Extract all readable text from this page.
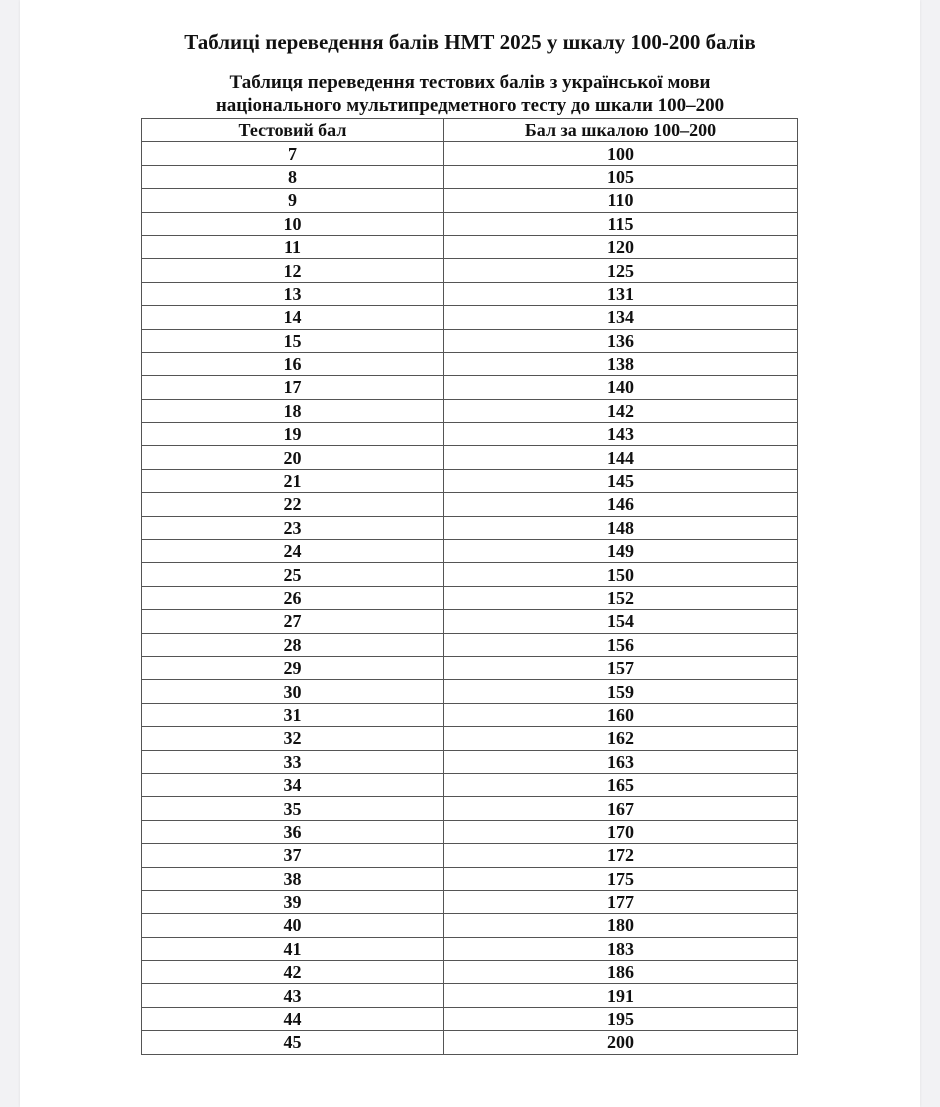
Таблиці переведення балів НМТ 2025 у шкалу 100-200 балів
Таблиця переведення тестових балів з української мови
національного мультипредметного тесту до шкали 100–200
Тестовий бал	Бал за шкалою 100–200
7	100
8	105
9	110
10	115
11	120
12	125
13	131
14	134
15	136
16	138
17	140
18	142
19	143
20	144
21	145
22	146
23	148
24	149
25	150
26	152
27	154
28	156
29	157
30	159
31	160
32	162
33	163
34	165
35	167
36	170
37	172
38	175
39	177
40	180
41	183
42	186
43	191
44	195
45	200
